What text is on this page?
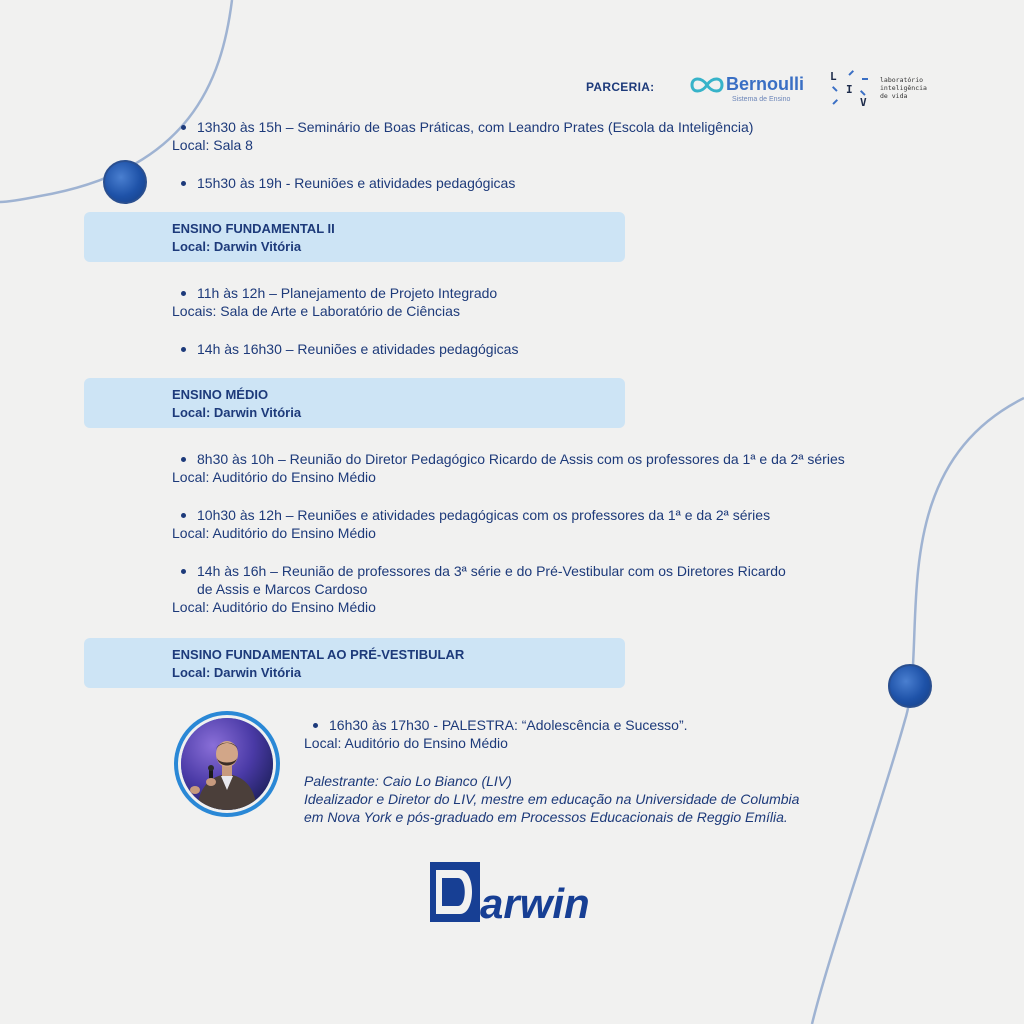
PARCERIA:	Bernoulli
Sistema de Ensino
L
I
V
laboratório
inteligência
de vida
13h30 às 15h – Seminário de Boas Práticas, com Leandro Prates (Escola da Inteligência)
Local: Sala 8
15h30 às 19h - Reuniões e atividades pedagógicas
ENSINO FUNDAMENTAL II
Local: Darwin Vitória
11h às 12h – Planejamento de Projeto Integrado
Locais: Sala de Arte e Laboratório de Ciências
14h às 16h30 – Reuniões e atividades pedagógicas
ENSINO MÉDIO
Local: Darwin Vitória
8h30 às 10h – Reunião do Diretor Pedagógico Ricardo de Assis com os professores da 1ª e da 2ª séries
Local: Auditório do Ensino Médio
10h30 às 12h – Reuniões e atividades pedagógicas com os professores da 1ª e da 2ª séries
Local: Auditório do Ensino Médio
14h às 16h – Reunião de professores da 3ª série e do Pré-Vestibular com os Diretores Ricardo
de Assis e Marcos Cardoso
Local: Auditório do Ensino Médio
ENSINO FUNDAMENTAL AO PRÉ-VESTIBULAR
Local: Darwin Vitória
16h30 às 17h30 - PALESTRA: “Adolescência e Sucesso”.
Local: Auditório do Ensino Médio
Palestrante: Caio Lo Bianco (LIV)
Idealizador e Diretor do LIV, mestre em educação na Universidade de Columbia
em Nova York e pós-graduado em Processos Educacionais de Reggio Emília.
arwin
